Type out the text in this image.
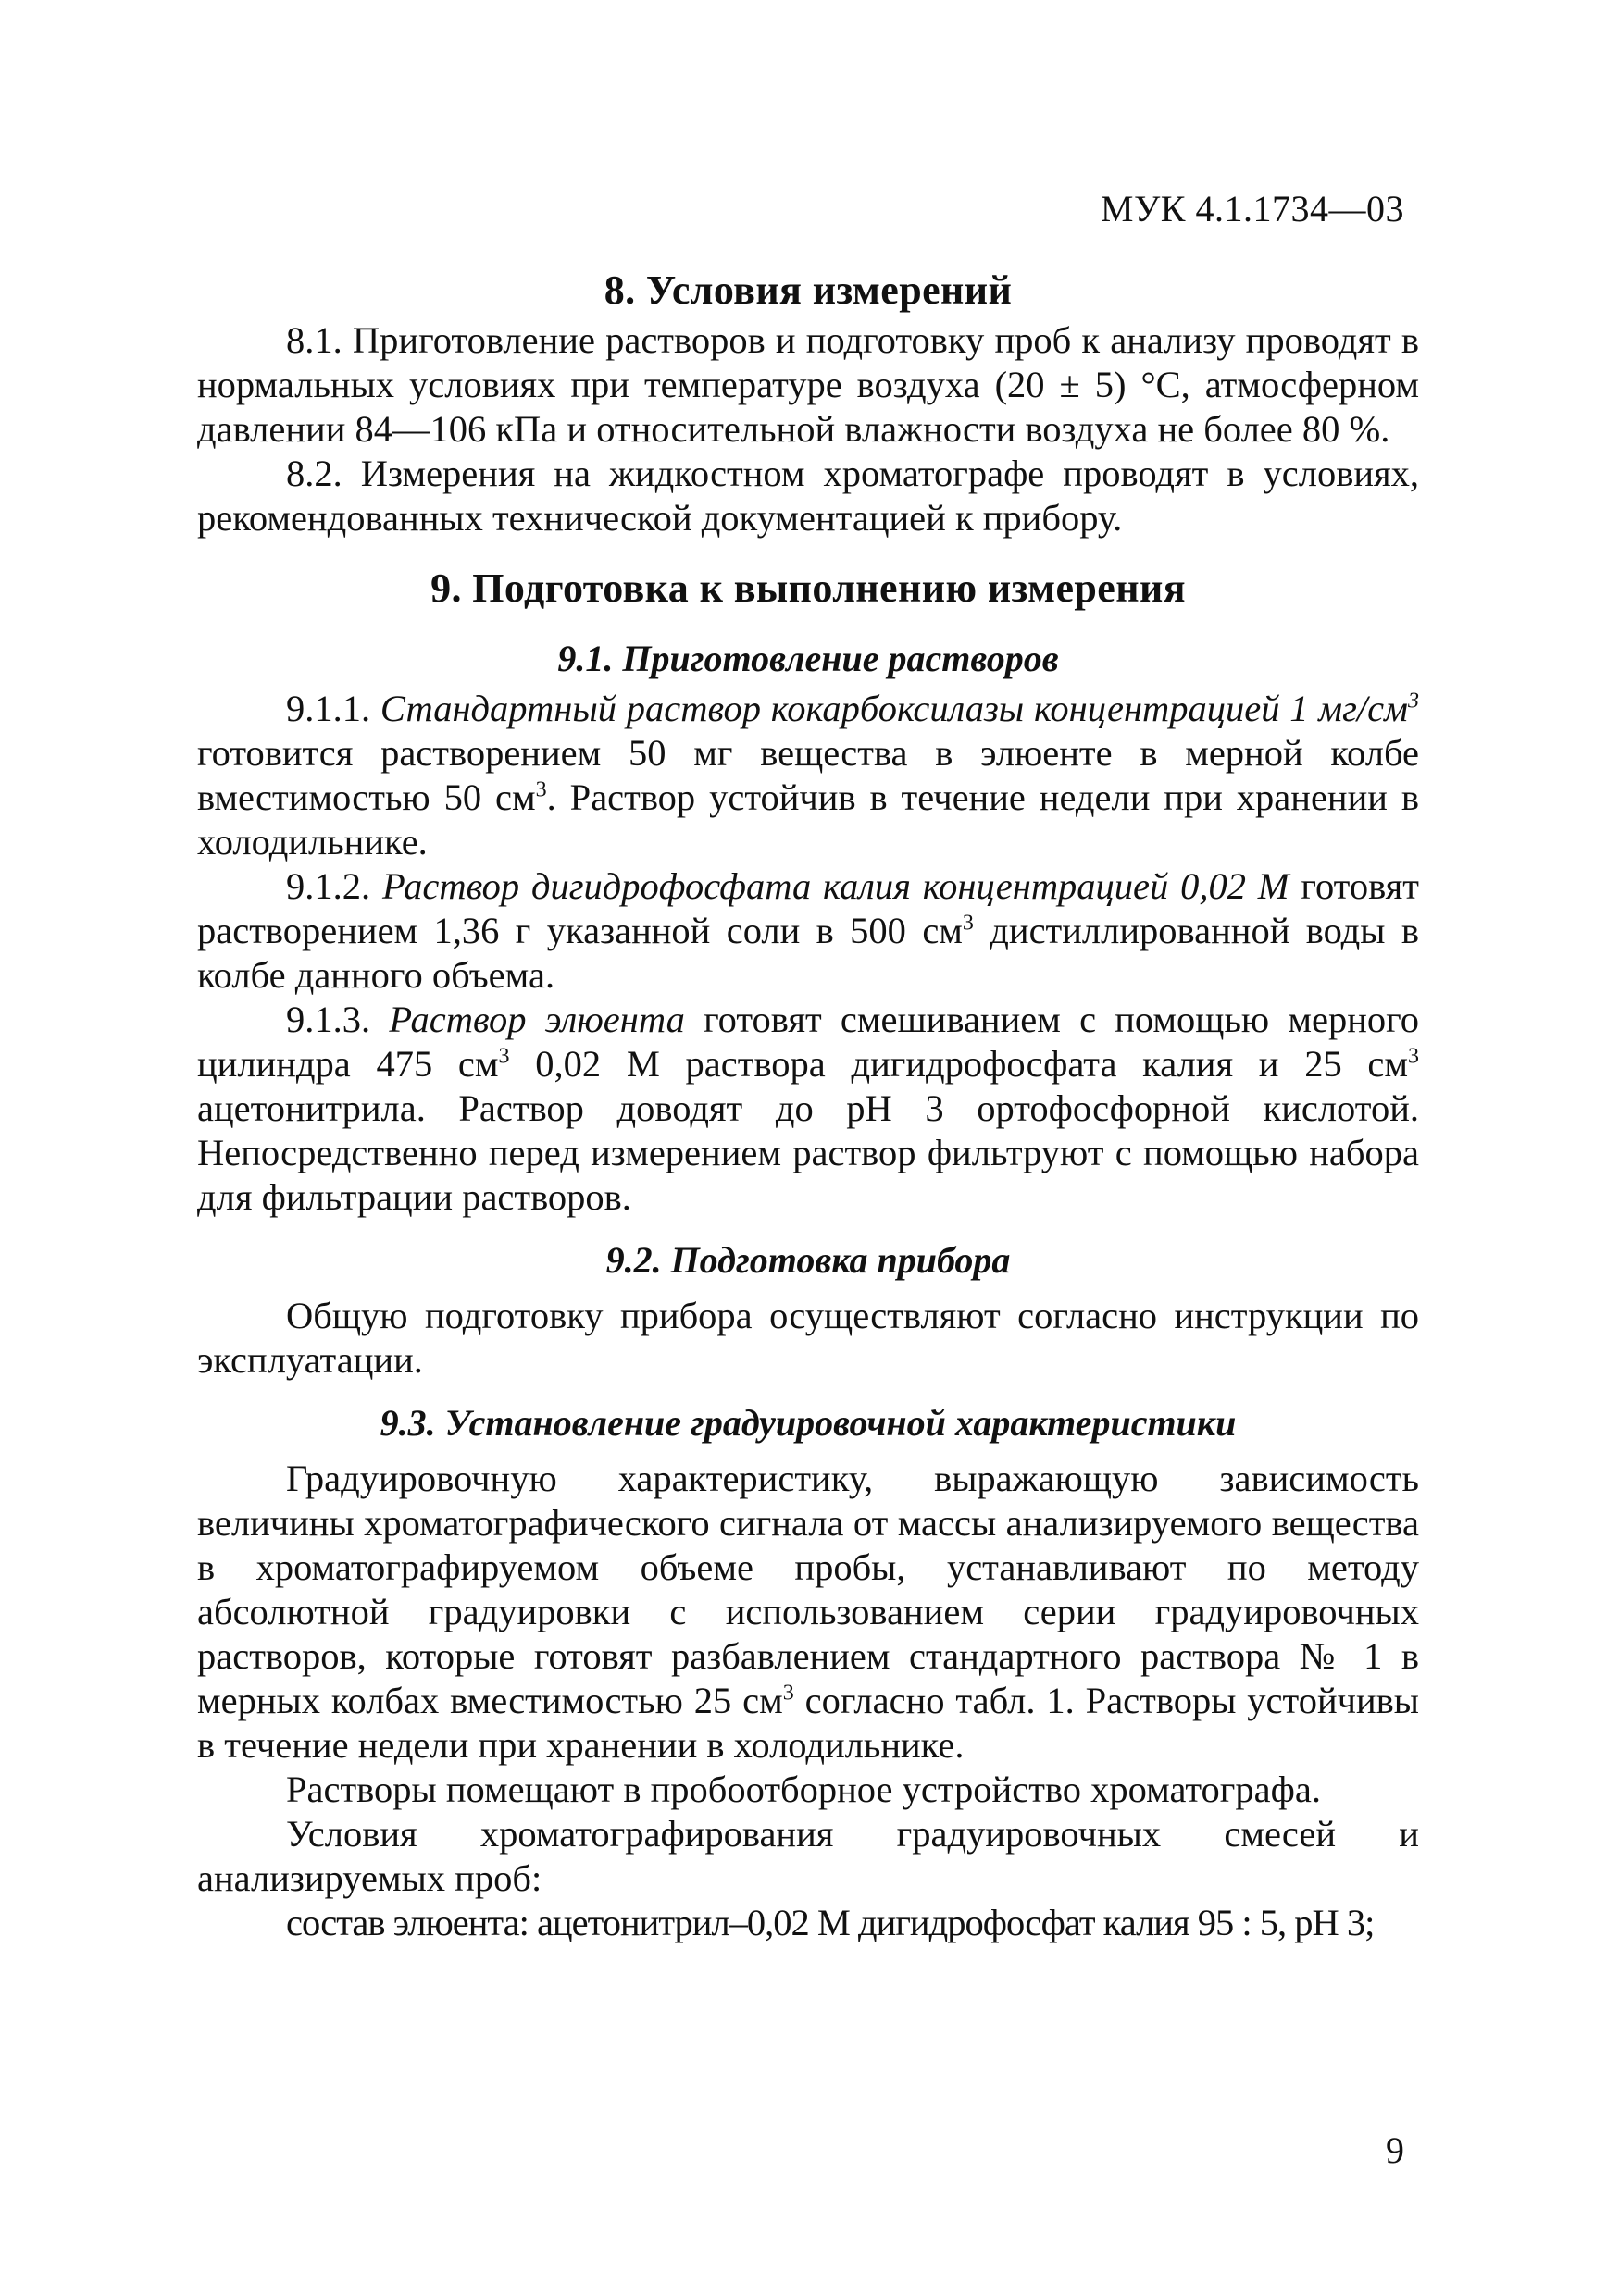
МУК 4.1.1734—03
8. Условия измерений

8.1. Приготовление растворов и подготовку проб к анализу проводят в нормальных условиях при температуре воздуха (20 ± 5) °С, атмосферном давлении 84—106 кПа и относительной влажности воздуха не более 80 %.

8.2. Измерения на жидкостном хроматографе проводят в условиях, рекомендованных технической документацией к прибору.

9. Подготовка к выполнению измерения
9.1. Приготовление растворов

9.1.1. Стандартный раствор кокарбоксилазы концентрацией 1 $мг/см^3$ готовится растворением 50 мг вещества в элюенте в мерной колбе вместимостью 50 $см^3$. Раствор устойчив в течение недели при хранении в холодильнике.

9.1.2. Раствор дигидрофосфата калия концентрацией 0,02 М готовят растворением 1,36 г указанной соли в 500 $см^3$ дистиллированной воды в колбе данного объема.

9.1.3. Раствор элюента готовят смешиванием с помощью мерного цилиндра 475 $см^3$ 0,02 М раствора дигидрофосфата калия и 25 $см^3$ ацетонитрила. Раствор доводят до рН 3 ортофосфорной кислотой. Непосредственно перед измерением раствор фильтруют с помощью набора для фильтрации растворов.

9.2. Подготовка прибора

Общую подготовку прибора осуществляют согласно инструкции по эксплуатации.

9.3. Установление градуировочной характеристики

Градуировочную характеристику, выражающую зависимость величины хроматографического сигнала от массы анализируемого вещества в хроматографируемом объеме пробы, устанавливают по методу абсолютной градуировки с использованием серии градуировочных растворов, которые готовят разбавлением стандартного раствора № 1 в мерных колбах вместимостью 25 $см^3$ согласно табл. 1. Растворы устойчивы в течение недели при хранении в холодильнике.

Растворы помещают в пробоотборное устройство хроматографа.

Условия хроматографирования градуировочных смесей и анализируемых проб:

состав элюента: ацетонитрил–0,02 М дигидрофосфат калия 95 : 5, рН 3;

9
